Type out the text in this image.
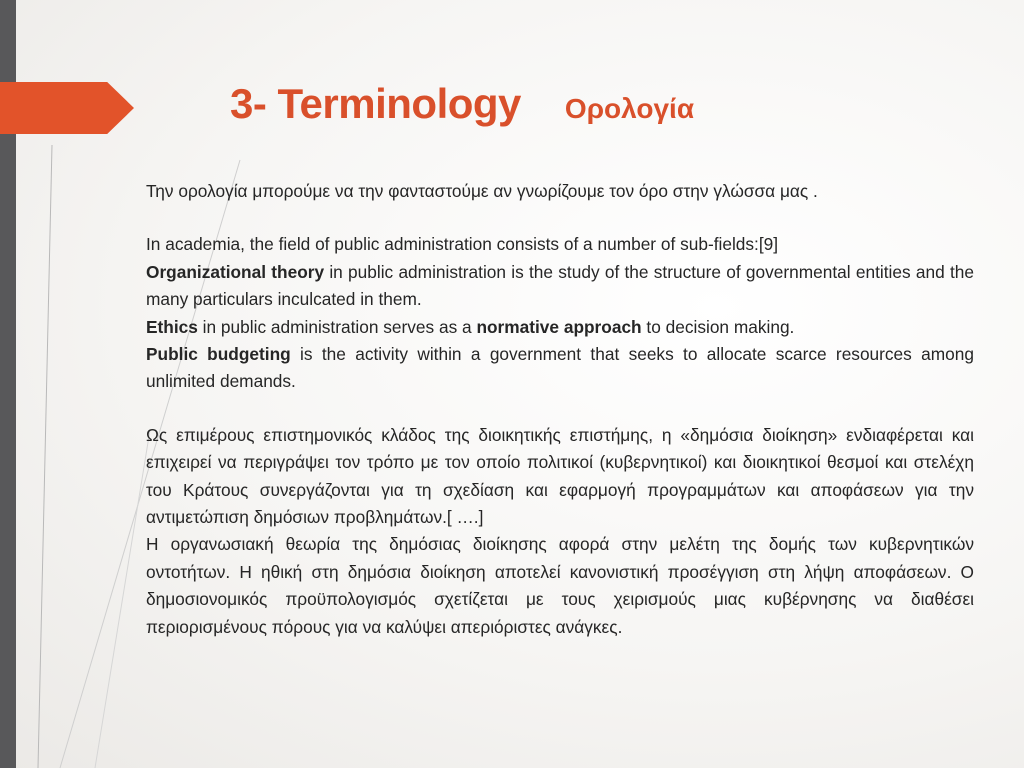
3- Terminology Ορολογία

Την ορολογία μπορούμε να την φανταστούμε αν γνωρίζουμε τον όρο στην γλώσσα μας .

In academia, the field of public administration consists of a number of sub-fields:[9]

Organizational theory in public administration is the study of the structure of governmental entities and the many particulars inculcated in them.

Ethics in public administration serves as a normative approach to decision making.

Public budgeting is the activity within a government that seeks to allocate scarce resources among unlimited demands.

Ως επιμέρους επιστημονικός κλάδος της διοικητικής επιστήμης, η «δημόσια διοίκηση» ενδιαφέρεται και επιχειρεί να περιγράψει τον τρόπο με τον οποίο πολιτικοί (κυβερνητικοί) και διοικητικοί θεσμοί και στελέχη του Κράτους συνεργάζονται για τη σχεδίαση και εφαρμογή προγραμμάτων και αποφάσεων για την αντιμετώπιση δημόσιων προβλημάτων.[ ….]

Η οργανωσιακή θεωρία της δημόσιας διοίκησης αφορά στην μελέτη της δομής των κυβερνητικών οντοτήτων. Η ηθική στη δημόσια διοίκηση αποτελεί κανονιστική προσέγγιση στη λήψη αποφάσεων. Ο δημοσιονομικός προϋπολογισμός σχετίζεται με τους χειρισμούς μιας κυβέρνησης να διαθέσει περιορισμένους πόρους για να καλύψει απεριόριστες ανάγκες.
